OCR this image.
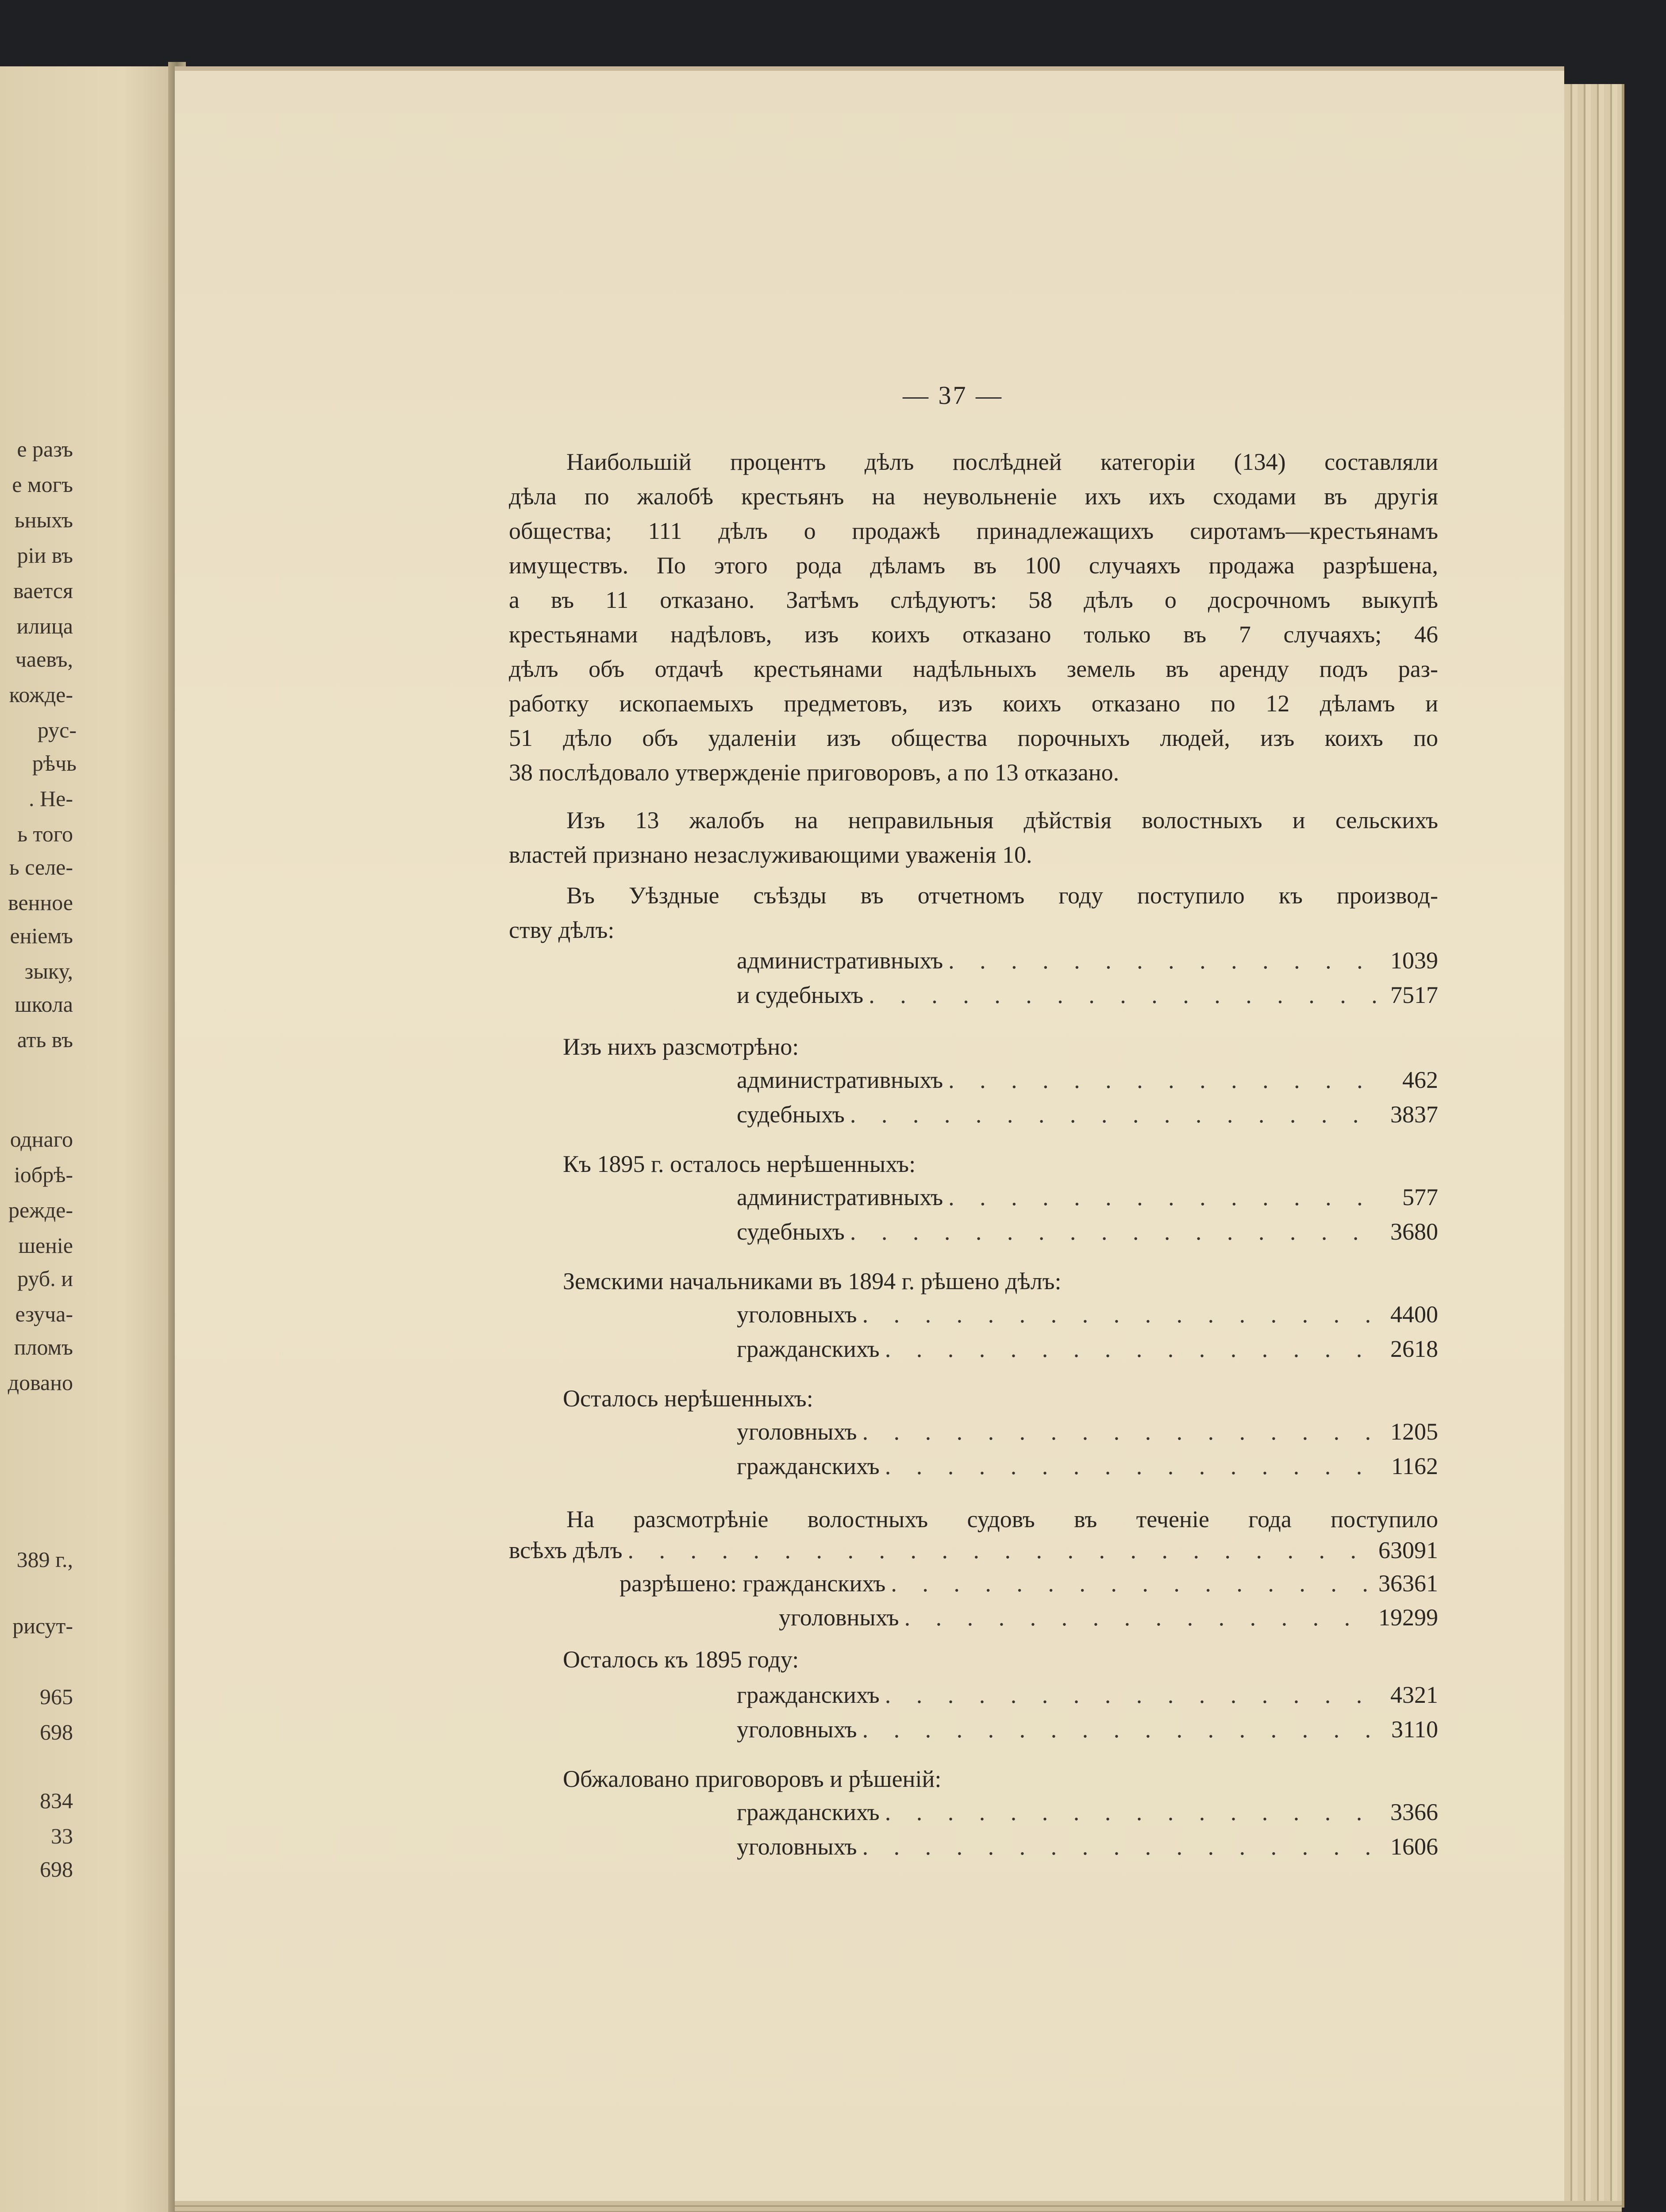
е разъ
е могъ
ьныхъ
рiи въ
вается
илица
чаевъ,
кожде-
рус-
рѣчь
. Не-
ь того
ь селе-
венное
енiемъ
зыку,
школа
ать въ
однаго
iобрѣ-
режде-
шенiе
руб. и
езуча-
пломъ
довано
389 г.,
рисут-
965
698
834
33
698
— 37 —
Наибольшiй процентъ дѣлъ послѣдней категорiи (134) составляли
дѣла по жалобѣ крестьянъ на неувольненiе ихъ ихъ сходами въ другiя
общества; 111 дѣлъ о продажѣ принадлежащихъ сиротамъ—крестьянамъ
имуществъ. По этого рода дѣламъ въ 100 случаяхъ продажа разрѣшена,
а въ 11 отказано. Затѣмъ слѣдуютъ: 58 дѣлъ о досрочномъ выкупѣ
крестьянами надѣловъ, изъ коихъ отказано только въ 7 случаяхъ; 46
дѣлъ объ отдачѣ крестьянами надѣльныхъ земель въ аренду подъ раз-
работку ископаемыхъ предметовъ, изъ коихъ отказано по 12 дѣламъ и
51 дѣло объ удаленiи изъ общества порочныхъ людей, изъ коихъ по
38 послѣдовало утвержденiе приговоровъ, а по 13 отказано.
Изъ 13 жалобъ на неправильныя дѣйствiя волостныхъ и сельскихъ
властей признано незаслуживающими уваженiя 10.
Въ Уѣздные съѣзды въ отчетномъ году поступило къ производ-
ству дѣлъ:
административныхъ . . .	1039
и судебныхъ . . .	7517
Изъ нихъ разсмотрѣно:
административныхъ . . .	462
судебныхъ . . .	3837
Къ 1895 г. осталось нерѣшенныхъ:
административныхъ . . .	577
судебныхъ . . .	3680
Земскими начальниками въ 1894 г. рѣшено дѣлъ:
уголовныхъ . . .	4400
гражданскихъ . . .	2618
Осталось нерѣшенныхъ:
уголовныхъ . . .	1205
гражданскихъ . . .	1162
На разсмотрѣнiе волостныхъ судовъ въ теченiе года поступило
всѣхъ дѣлъ . . .	63091
разрѣшено: гражданскихъ . . .	36361
уголовныхъ . . .	19299
Осталось къ 1895 году:
гражданскихъ . . .	4321
уголовныхъ . . .	3110
Обжаловано приговоровъ и рѣшенiй:
гражданскихъ . . .	3366
уголовныхъ . . .	1606
